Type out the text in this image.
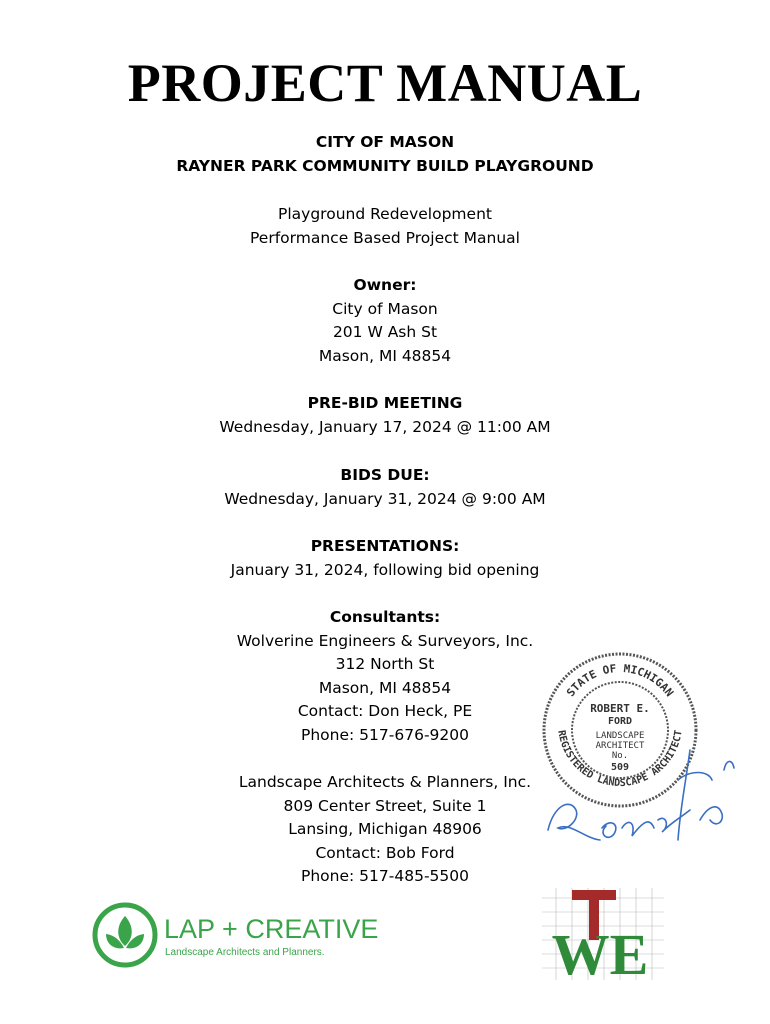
PROJECT MANUAL
CITY OF MASON
RAYNER PARK COMMUNITY BUILD PLAYGROUND
Playground Redevelopment
Performance Based Project Manual
Owner:
City of Mason
201 W Ash St
Mason, MI 48854
PRE-BID MEETING
Wednesday, January 17, 2024 @ 11:00 AM
BIDS DUE:
Wednesday, January 31, 2024 @ 9:00 AM
PRESENTATIONS:
January 31, 2024, following bid opening
Consultants:
Wolverine Engineers & Surveyors, Inc.
312 North St
Mason, MI 48854
Contact: Don Heck, PE
Phone: 517-676-9200
Landscape Architects & Planners, Inc.
809 Center Street, Suite 1
Lansing, Michigan 48906
Contact: Bob Ford
Phone: 517-485-5500
STATE OF MICHIGAN
REGISTERED LANDSCAPE ARCHITECT
ROBERT E.
FORD
LANDSCAPE
ARCHITECT
No.
509
LAP + CREATIVE
Landscape Architects and Planners.	WE
